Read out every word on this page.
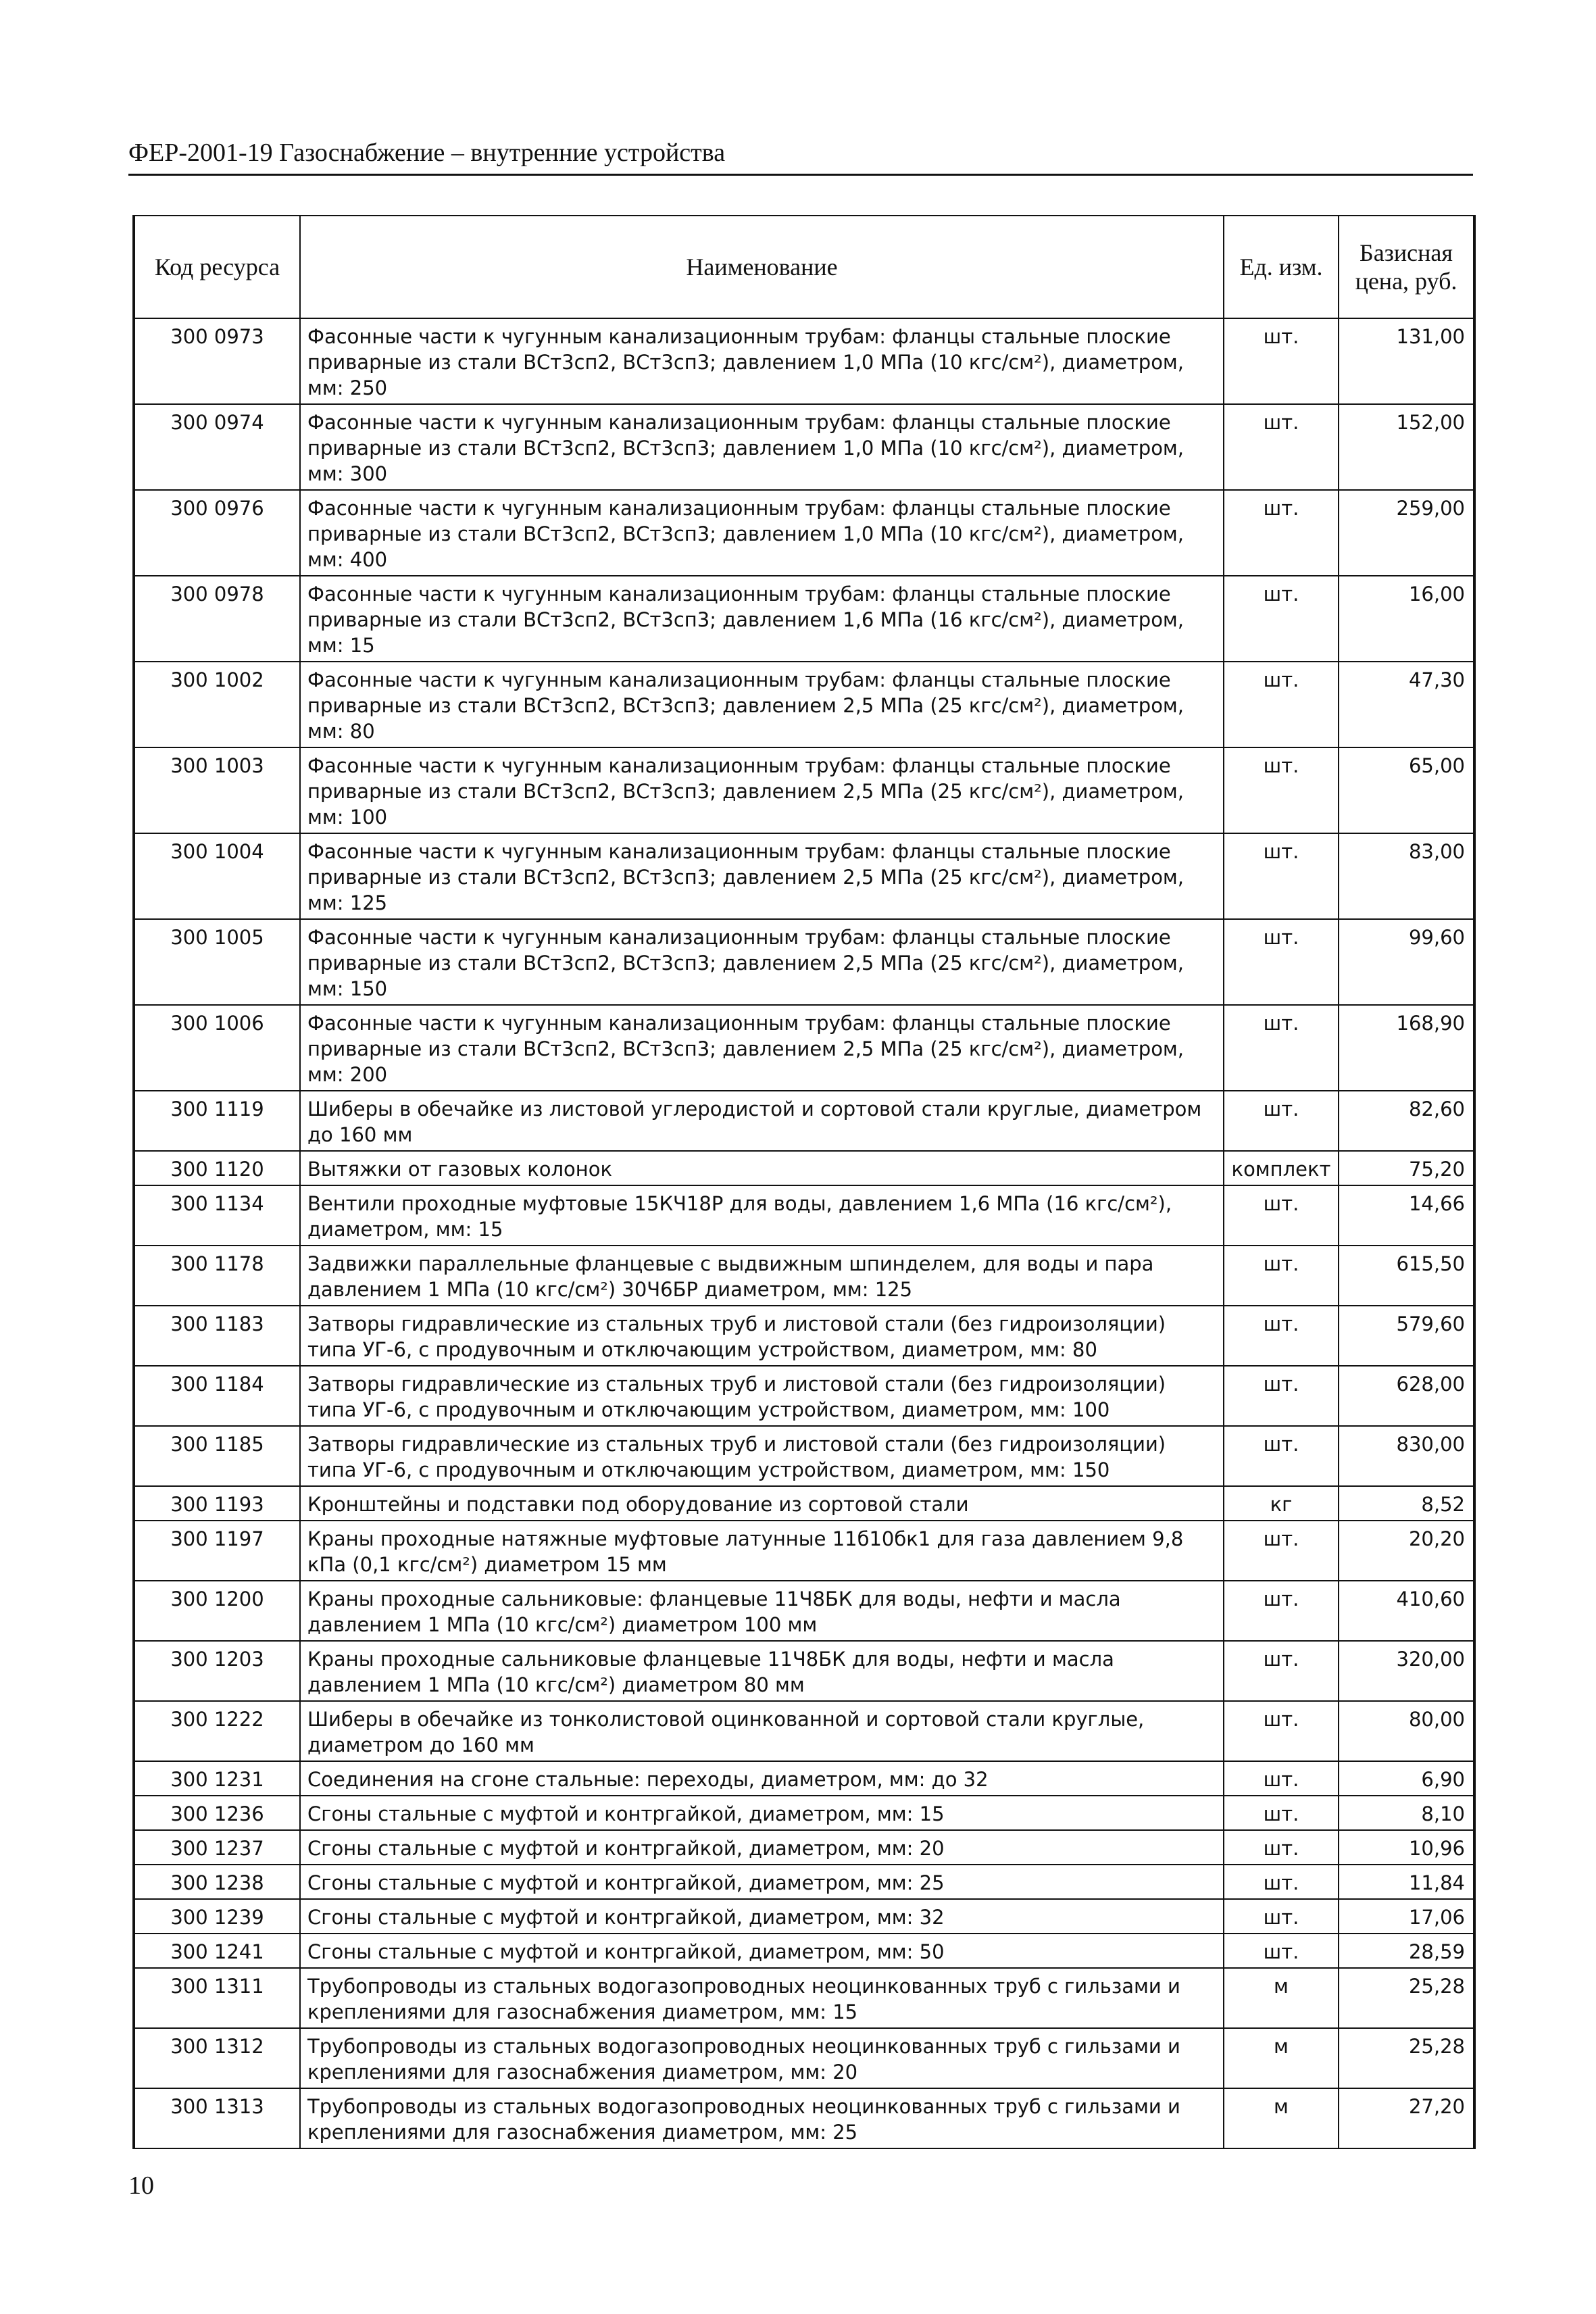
ФЕР-2001-19 Газоснабжение – внутренние устройства
Код ресурса	Наименование	Ед. изм.	Базисная цена, руб.
300 0973	Фасонные части к чугунным канализационным трубам: фланцы стальные плоские приварные из стали ВСт3сп2, ВСт3сп3; давлением 1,0 МПа (10 кгс/см²), диаметром, мм: 250	шт.	131,00
300 0974	Фасонные части к чугунным канализационным трубам: фланцы стальные плоские приварные из стали ВСт3сп2, ВСт3сп3; давлением 1,0 МПа (10 кгс/см²), диаметром, мм: 300	шт.	152,00
300 0976	Фасонные части к чугунным канализационным трубам: фланцы стальные плоские приварные из стали ВСт3сп2, ВСт3сп3; давлением 1,0 МПа (10 кгс/см²), диаметром, мм: 400	шт.	259,00
300 0978	Фасонные части к чугунным канализационным трубам: фланцы стальные плоские приварные из стали ВСт3сп2, ВСт3сп3; давлением 1,6 МПа (16 кгс/см²), диаметром, мм: 15	шт.	16,00
300 1002	Фасонные части к чугунным канализационным трубам: фланцы стальные плоские приварные из стали ВСт3сп2, ВСт3сп3; давлением 2,5 МПа (25 кгс/см²), диаметром, мм: 80	шт.	47,30
300 1003	Фасонные части к чугунным канализационным трубам: фланцы стальные плоские приварные из стали ВСт3сп2, ВСт3сп3; давлением 2,5 МПа (25 кгс/см²), диаметром, мм: 100	шт.	65,00
300 1004	Фасонные части к чугунным канализационным трубам: фланцы стальные плоские приварные из стали ВСт3сп2, ВСт3сп3; давлением 2,5 МПа (25 кгс/см²), диаметром, мм: 125	шт.	83,00
300 1005	Фасонные части к чугунным канализационным трубам: фланцы стальные плоские приварные из стали ВСт3сп2, ВСт3сп3; давлением 2,5 МПа (25 кгс/см²), диаметром, мм: 150	шт.	99,60
300 1006	Фасонные части к чугунным канализационным трубам: фланцы стальные плоские приварные из стали ВСт3сп2, ВСт3сп3; давлением 2,5 МПа (25 кгс/см²), диаметром, мм: 200	шт.	168,90
300 1119	Шиберы в обечайке из листовой углеродистой и сортовой стали круглые, диаметром до 160 мм	шт.	82,60
300 1120	Вытяжки от газовых колонок	комплект	75,20
300 1134	Вентили проходные муфтовые 15КЧ18Р для воды, давлением 1,6 МПа (16 кгс/см²), диаметром, мм: 15	шт.	14,66
300 1178	Задвижки параллельные фланцевые с выдвижным шпинделем, для воды и пара давлением 1 МПа (10 кгс/см²) 30Ч6БР диаметром, мм: 125	шт.	615,50
300 1183	Затворы гидравлические из стальных труб и листовой стали (без гидроизоляции) типа УГ-6, с продувочным и отключающим устройством, диаметром, мм: 80	шт.	579,60
300 1184	Затворы гидравлические из стальных труб и листовой стали (без гидроизоляции) типа УГ-6, с продувочным и отключающим устройством, диаметром, мм: 100	шт.	628,00
300 1185	Затворы гидравлические из стальных труб и листовой стали (без гидроизоляции) типа УГ-6, с продувочным и отключающим устройством, диаметром, мм: 150	шт.	830,00
300 1193	Кронштейны и подставки под оборудование из сортовой стали	кг	8,52
300 1197	Краны проходные натяжные муфтовые латунные 11б10бк1 для газа давлением 9,8 кПа (0,1 кгс/см²) диаметром 15 мм	шт.	20,20
300 1200	Краны проходные сальниковые: фланцевые 11Ч8БК для воды, нефти и масла давлением 1 МПа (10 кгс/см²) диаметром 100 мм	шт.	410,60
300 1203	Краны проходные сальниковые фланцевые 11Ч8БК для воды, нефти и масла давлением 1 МПа (10 кгс/см²) диаметром 80 мм	шт.	320,00
300 1222	Шиберы в обечайке из тонколистовой оцинкованной и сортовой стали круглые, диаметром до 160 мм	шт.	80,00
300 1231	Соединения на сгоне стальные: переходы, диаметром, мм: до 32	шт.	6,90
300 1236	Сгоны стальные с муфтой и контргайкой, диаметром, мм: 15	шт.	8,10
300 1237	Сгоны стальные с муфтой и контргайкой, диаметром, мм: 20	шт.	10,96
300 1238	Сгоны стальные с муфтой и контргайкой, диаметром, мм: 25	шт.	11,84
300 1239	Сгоны стальные с муфтой и контргайкой, диаметром, мм: 32	шт.	17,06
300 1241	Сгоны стальные с муфтой и контргайкой, диаметром, мм: 50	шт.	28,59
300 1311	Трубопроводы из стальных водогазопроводных неоцинкованных труб с гильзами и креплениями для газоснабжения диаметром, мм: 15	м	25,28
300 1312	Трубопроводы из стальных водогазопроводных неоцинкованных труб с гильзами и креплениями для газоснабжения диаметром, мм: 20	м	25,28
300 1313	Трубопроводы из стальных водогазопроводных неоцинкованных труб с гильзами и креплениями для газоснабжения диаметром, мм: 25	м	27,20
10
